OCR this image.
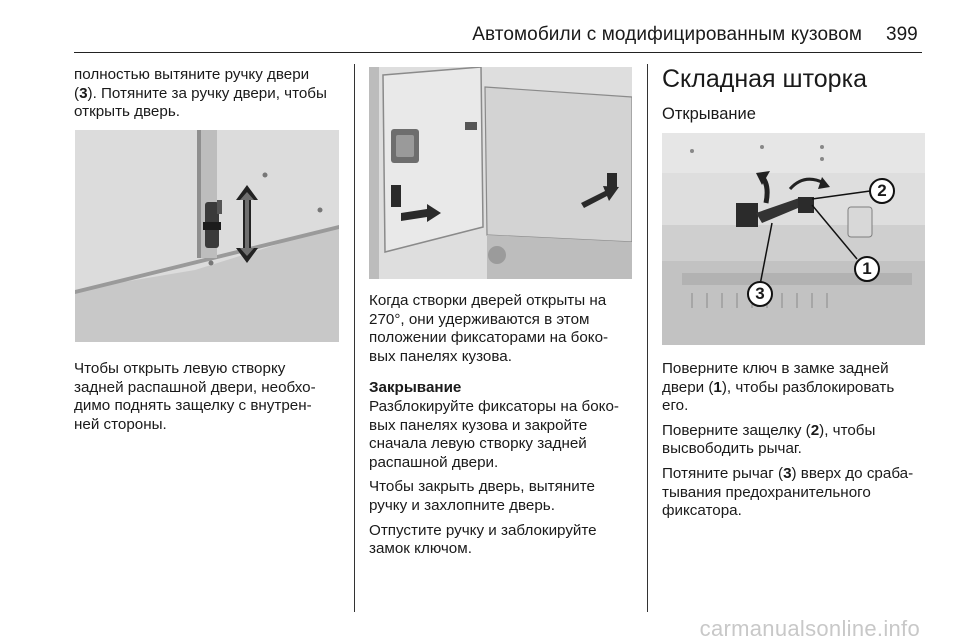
Автомобили с модифицированным кузовом 399

полностью вытяните ручку двери

(3). Потяните за ручку двери, чтобы

открыть дверь.

Чтобы открыть левую створку

задней распашной двери, необхо-

димо поднять защелку с внутрен-

ней стороны.

Когда створки дверей открыты на

270°, они удерживаются в этом

положении фиксаторами на боко-

вых панелях кузова.

Закрывание

Разблокируйте фиксаторы на боко-

вых панелях кузова и закройте

сначала левую створку задней

распашной двери.

Чтобы закрыть дверь, вытяните

ручку и захлопните дверь.

Отпустите ручку и заблокируйте

замок ключом.

Складная шторка
Открывание
2
1
3

Поверните ключ в замке задней

двери (1), чтобы разблокировать

его.

Поверните защелку (2), чтобы

высвободить рычаг.

Потяните рычаг (3) вверх до сраба-

тывания предохранительного

фиксатора.

carmanualsonline.info
